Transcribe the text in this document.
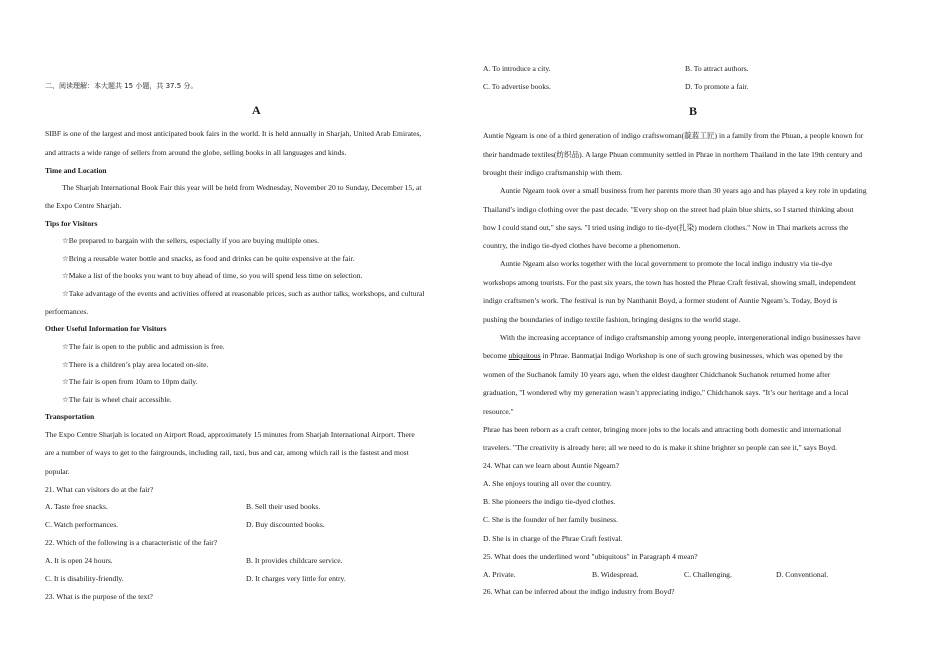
二、阅读理解：本大题共 15 小题，共 37.5 分。
A
SIBF is one of the largest and most anticipated book fairs in the world. It is held annually in Sharjah, United Arab Emirates,
and attracts a wide range of sellers from around the globe, selling books in all languages and kinds.
Time and Location
The Sharjah International Book Fair this year will be held from Wednesday, November 20 to Sunday, December 15, at
the Expo Centre Sharjah.
Tips for Visitors
☆Be prepared to bargain with the sellers, especially if you are buying multiple ones.
☆Bring a reusable water bottle and snacks, as food and drinks can be quite expensive at the fair.
☆Make a list of the books you want to buy ahead of time, so you will spend less time on selection.
☆Take advantage of the events and activities offered at reasonable prices, such as author talks, workshops, and cultural
performances.
Other Useful Information for Visitors
☆The fair is open to the public and admission is free.
☆There is a children’s play area located on-site.
☆The fair is open from 10am to 10pm daily.
☆The fair is wheel chair accessible.
Transportation
The Expo Centre Sharjah is located on Airport Road, approximately 15 minutes from Sharjah International Airport. There
are a number of ways to get to the fairgrounds, including rail, taxi, bus and car, among which rail is the fastest and most
popular.
21. What can visitors do at the fair?
A. Taste free snacks.	B. Sell their used books.
C. Watch performances.	D. Buy discounted books.
22. Which of the following is a characteristic of the fair?
A. It is open 24 hours.	B. It provides childcare service.
C. It is disability-friendly.	D. It charges very little for entry.
23. What is the purpose of the text?
A. To introduce a city.	B. To attract authors.
C. To advertise books.	D. To promote a fair.
B
Auntie Ngeam is one of a third generation of indigo craftswoman(靛蓝工匠) in a family from the Phuan, a people known for
their handmade textiles(纺织品). A large Phuan community settled in Phrae in northern Thailand in the late 19th century and
brought their indigo craftsmanship with them.
Auntie Ngeam took over a small business from her parents more than 30 years ago and has played a key role in updating
Thailand’s indigo clothing over the past decade. "Every shop on the street had plain blue shirts, so I started thinking about
how I could stand out," she says. "I tried using indigo to tie-dye(扎染) modern clothes." Now in Thai markets across the
country, the indigo tie-dyed clothes have become a phenomenon.
Auntie Ngeam also works together with the local government to promote the local indigo industry via tie-dye
workshops among tourists. For the past six years, the town has hosted the Phrae Craft festival, showing small, independent
indigo craftsmen’s work. The festival is run by Nanthanit Boyd, a former student of Auntie Ngeam’s. Today, Boyd is
pushing the boundaries of indigo textile fashion, bringing designs to the world stage.
With the increasing acceptance of indigo craftsmanship among young people, intergenerational indigo businesses have
become ubiquitous in Phrae. Banmatjai Indigo Workshop is one of such growing businesses, which was opened by the
women of the Suchanok family 10 years ago, when the eldest daughter Chidchanok Suchanok returned home after
graduation, "I wondered why my generation wasn’t appreciating indigo," Chidchanok says. "It’s our heritage and a local
resource."
Phrae has been reborn as a craft center, bringing more jobs to the locals and attracting both domestic and international
travelers. "The creativity is already here; all we need to do is make it shine brighter so people can see it," says Boyd.
24. What can we learn about Auntie Ngeam?
A. She enjoys touring all over the country.
B. She pioneers the indigo tie-dyed clothes.
C. She is the founder of her family business.
D. She is in charge of the Phrae Craft festival.
25. What does the underlined word "ubiquitous" in Paragraph 4 mean?
A. Private.	B. Widespread.	C. Challenging.	D. Conventional.
26. What can be inferred about the indigo industry from Boyd?
